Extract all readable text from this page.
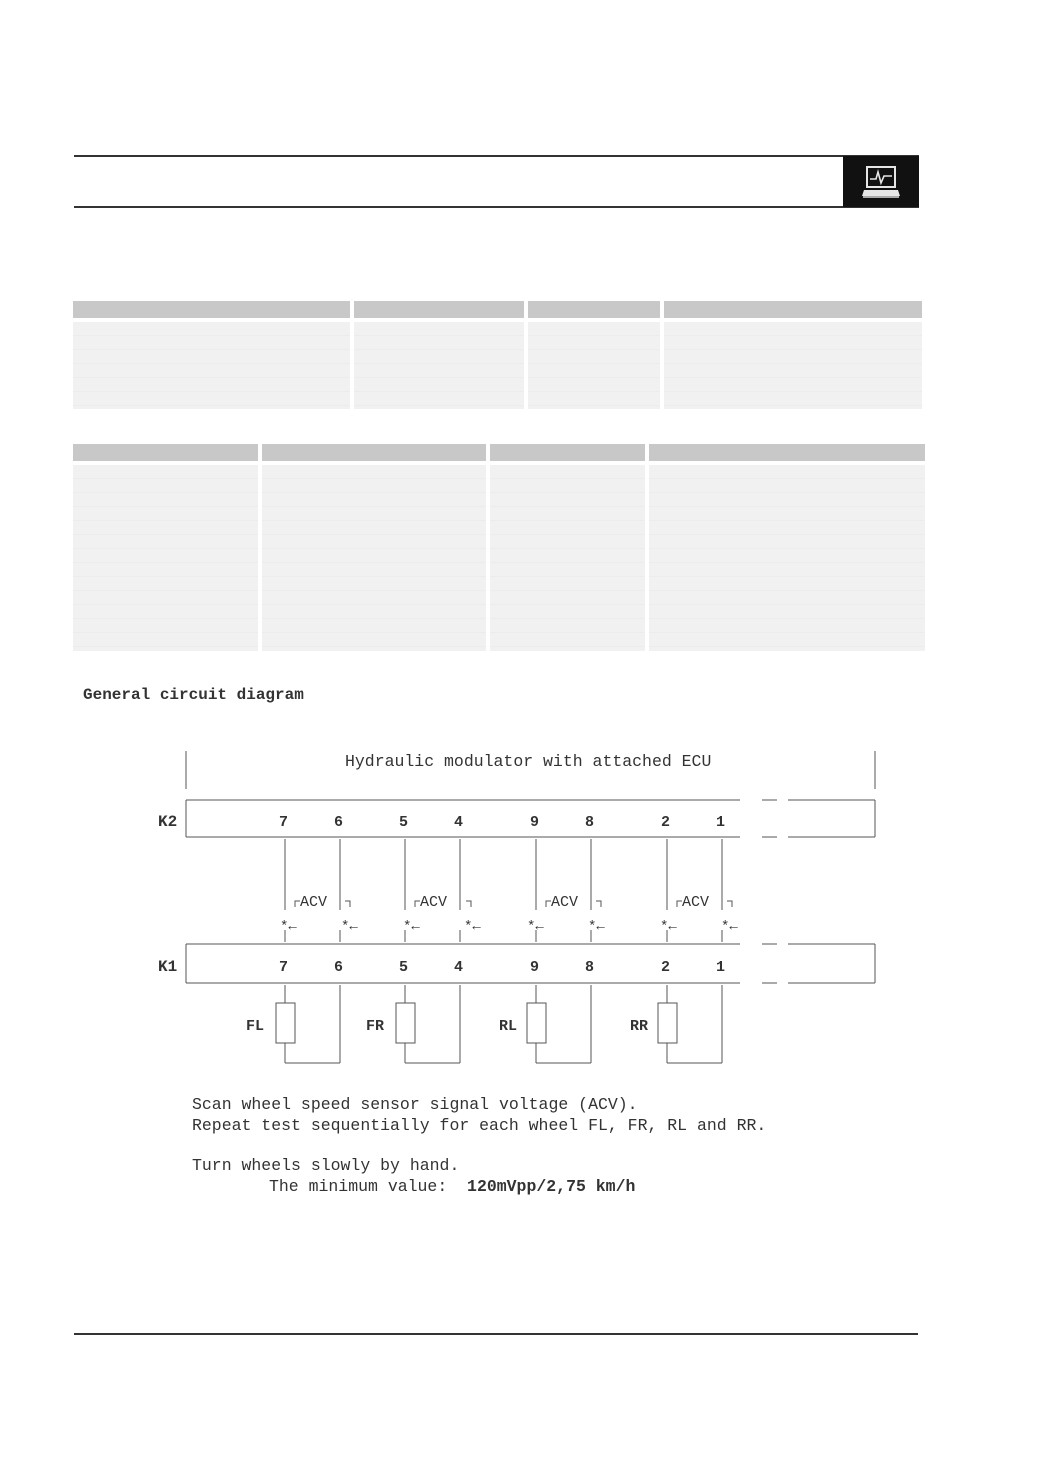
General circuit diagram
Hydraulic modulator with attached ECU
K2
K1
7	6	5	4	9	8	2	1
7	6	5	4	9	8	2	1
ACV	ACV	ACV	ACV
*←	*←	*←	*←	*←	*←	*←	*←
FL	FR	RL	RR
Scan wheel speed sensor signal voltage (ACV).
Repeat test sequentially for each wheel FL, FR, RL and RR.
Turn wheels slowly by hand.
The minimum value:  120mVpp/2,75 km/h
